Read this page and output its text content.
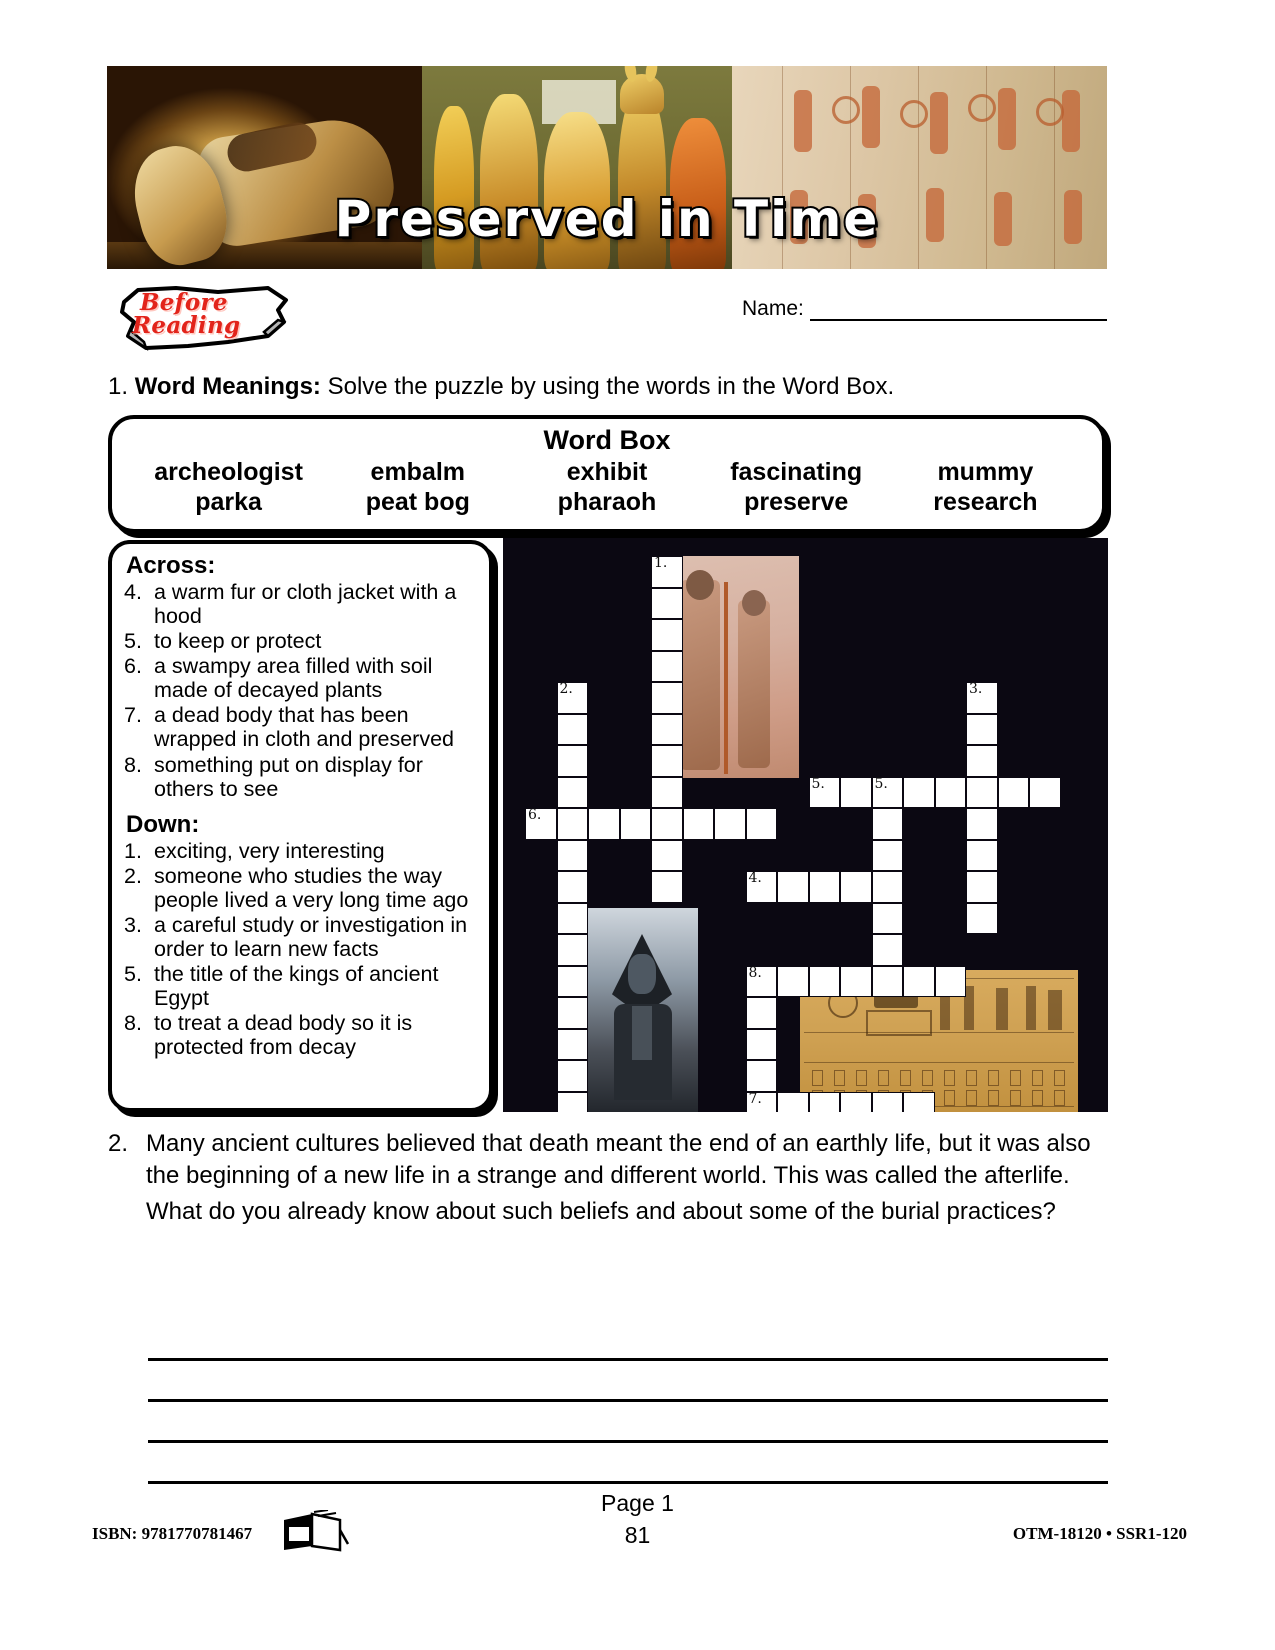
Preserved in Time
Before
Reading
Name:
1. Word Meanings: Solve the puzzle by using the words in the Word Box.
Word Box
archeologist	embalm	exhibit	fascinating	mummy
parka	peat bog	pharaoh	preserve	research
Across:
4. a warm fur or cloth jacket with a hood
5. to keep or protect
6. a swampy area filled with soil made of decayed plants
7. a dead body that has been wrapped in cloth and preserved
8. something put on display for others to see
Down:
1. exciting, very interesting
2. someone who studies the way people lived a very long time ago
3. a careful study or investigation in order to learn new facts
5. the title of the kings of ancient Egypt
8. to treat a dead body so it is protected from decay
1.
2.	3.
5.	5.
6.
4.
8.
7.
2. Many ancient cultures believed that death meant the end of an earthly life, but it was also the beginning of a new life in a strange and different world. This was called the afterlife.
What do you already know about such beliefs and about some of the burial practices?
Page 1
81
ISBN: 9781770781467	OTM-18120 • SSR1-120
